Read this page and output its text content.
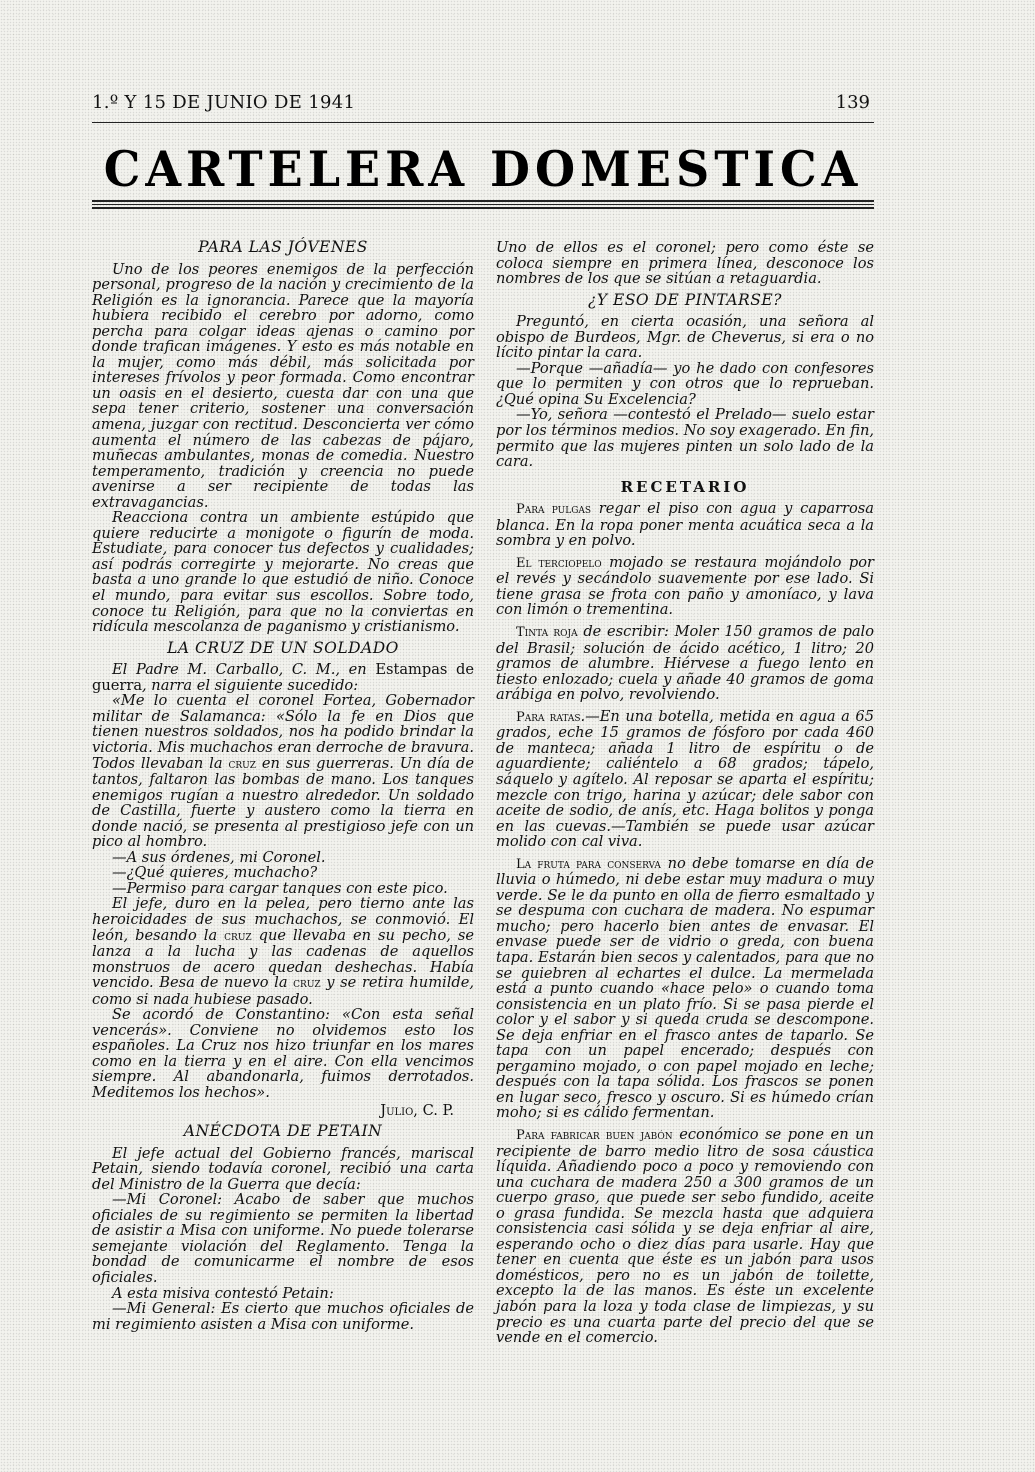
1.º Y 15 DE JUNIO DE 1941	139
CARTELERA DOMESTICA

PARA LAS JÓVENES

Uno de los peores enemigos de la perfección personal, progreso de la nación y crecimiento de la Religión es la ignorancia. Parece que la mayoría hubiera recibido el cerebro por adorno, como percha para colgar ideas ajenas o camino por donde trafican imágenes. Y esto es más notable en la mujer, como más débil, más solicitada por intereses frívolos y peor formada. Como encontrar un oasis en el desierto, cuesta dar con una que sepa tener criterio, sostener una conversación amena, juzgar con rectitud. Desconcierta ver cómo aumenta el número de las cabezas de pájaro, muñecas ambulantes, monas de comedia. Nuestro temperamento, tradición y creencia no puede avenirse a ser recipiente de todas las extravagancias.

Reacciona contra un ambiente estúpido que quiere reducirte a monigote o figurín de moda. Estudiate, para conocer tus defectos y cualidades; así podrás corregirte y mejorarte. No creas que basta a uno grande lo que estudió de niño. Conoce el mundo, para evitar sus escollos. Sobre todo, conoce tu Religión, para que no la conviertas en ridícula mescolanza de paganismo y cristianismo.

LA CRUZ DE UN SOLDADO

El Padre M. Carballo, C. M., en Estampas de guerra, narra el siguiente sucedido:

«Me lo cuenta el coronel Fortea, Gobernador militar de Salamanca: «Sólo la fe en Dios que tienen nuestros soldados, nos ha podido brindar la victoria. Mis muchachos eran derroche de bravura. Todos llevaban la cruz en sus guerreras. Un día de tantos, faltaron las bombas de mano. Los tanques enemigos rugían a nuestro alrededor. Un soldado de Castilla, fuerte y austero como la tierra en donde nació, se presenta al prestigioso jefe con un pico al hombro.

—A sus órdenes, mi Coronel.

—¿Qué quieres, muchacho?

—Permiso para cargar tanques con este pico.

El jefe, duro en la pelea, pero tierno ante las heroicidades de sus muchachos, se conmovió. El león, besando la cruz que llevaba en su pecho, se lanza a la lucha y las cadenas de aquellos monstruos de acero quedan deshechas. Había vencido. Besa de nuevo la cruz y se retira humilde, como si nada hubiese pasado.

Se acordó de Constantino: «Con esta señal vencerás». Conviene no olvidemos esto los españoles. La Cruz nos hizo triunfar en los mares como en la tierra y en el aire. Con ella vencimos siempre. Al abandonarla, fuimos derrotados. Meditemos los hechos».

Julio, C. P.

ANÉCDOTA DE PETAIN

El jefe actual del Gobierno francés, mariscal Petain, siendo todavía coronel, recibió una carta del Ministro de la Guerra que decía:

—Mi Coronel: Acabo de saber que muchos oficiales de su regimiento se permiten la libertad de asistir a Misa con uniforme. No puede tolerarse semejante violación del Reglamento. Tenga la bondad de comunicarme el nombre de esos oficiales.

A esta misiva contestó Petain:

—Mi General: Es cierto que muchos oficiales de mi regimiento asisten a Misa con uniforme.

Uno de ellos es el coronel; pero como éste se coloca siempre en primera línea, desconoce los nombres de los que se sitúan a retaguardia.

¿Y ESO DE PINTARSE?

Preguntó, en cierta ocasión, una señora al obispo de Burdeos, Mgr. de Cheverus, si era o no lícito pintar la cara.

—Porque —añadía— yo he dado con confesores que lo permiten y con otros que lo reprueban. ¿Qué opina Su Excelencia?

—Yo, señora —contestó el Prelado— suelo estar por los términos medios. No soy exagerado. En fin, permito que las mujeres pinten un solo lado de la cara.

RECETARIO

Para pulgas regar el piso con agua y caparrosa blanca. En la ropa poner menta acuática seca a la sombra y en polvo.

El terciopelo mojado se restaura mojándolo por el revés y secándolo suavemente por ese lado. Si tiene grasa se frota con paño y amoníaco, y lava con limón o trementina.

Tinta roja de escribir: Moler 150 gramos de palo del Brasil; solución de ácido acético, 1 litro; 20 gramos de alumbre. Hiérvese a fuego lento en tiesto enlozado; cuela y añade 40 gramos de goma arábiga en polvo, revolviendo.

Para ratas.—En una botella, metida en agua a 65 grados, eche 15 gramos de fósforo por cada 460 de manteca; añada 1 litro de espíritu o de aguardiente; caliéntelo a 68 grados; tápelo, sáquelo y agítelo. Al reposar se aparta el espíritu; mezcle con trigo, harina y azúcar; dele sabor con aceite de sodio, de anís, etc. Haga bolitos y ponga en las cuevas.—También se puede usar azúcar molido con cal viva.

La fruta para conserva no debe tomarse en día de lluvia o húmedo, ni debe estar muy madura o muy verde. Se le da punto en olla de fierro esmaltado y se despuma con cuchara de madera. No espumar mucho; pero hacerlo bien antes de envasar. El envase puede ser de vidrio o greda, con buena tapa. Estarán bien secos y calentados, para que no se quiebren al echartes el dulce. La mermelada está a punto cuando «hace pelo» o cuando toma consistencia en un plato frío. Si se pasa pierde el color y el sabor y si queda cruda se descompone. Se deja enfriar en el frasco antes de taparlo. Se tapa con un papel encerado; después con pergamino mojado, o con papel mojado en leche; después con la tapa sólida. Los frascos se ponen en lugar seco, fresco y oscuro. Si es húmedo crían moho; si es cálido fermentan.

Para fabricar buen jabón económico se pone en un recipiente de barro medio litro de sosa cáustica líquida. Añadiendo poco a poco y removiendo con una cuchara de madera 250 a 300 gramos de un cuerpo graso, que puede ser sebo fundido, aceite o grasa fundida. Se mezcla hasta que adquiera consistencia casi sólida y se deja enfriar al aire, esperando ocho o diez días para usarle. Hay que tener en cuenta que éste es un jabón para usos domésticos, pero no es un jabón de toilette, excepto la de las manos. Es éste un excelente jabón para la loza y toda clase de limpiezas, y su precio es una cuarta parte del precio del que se vende en el comercio.
